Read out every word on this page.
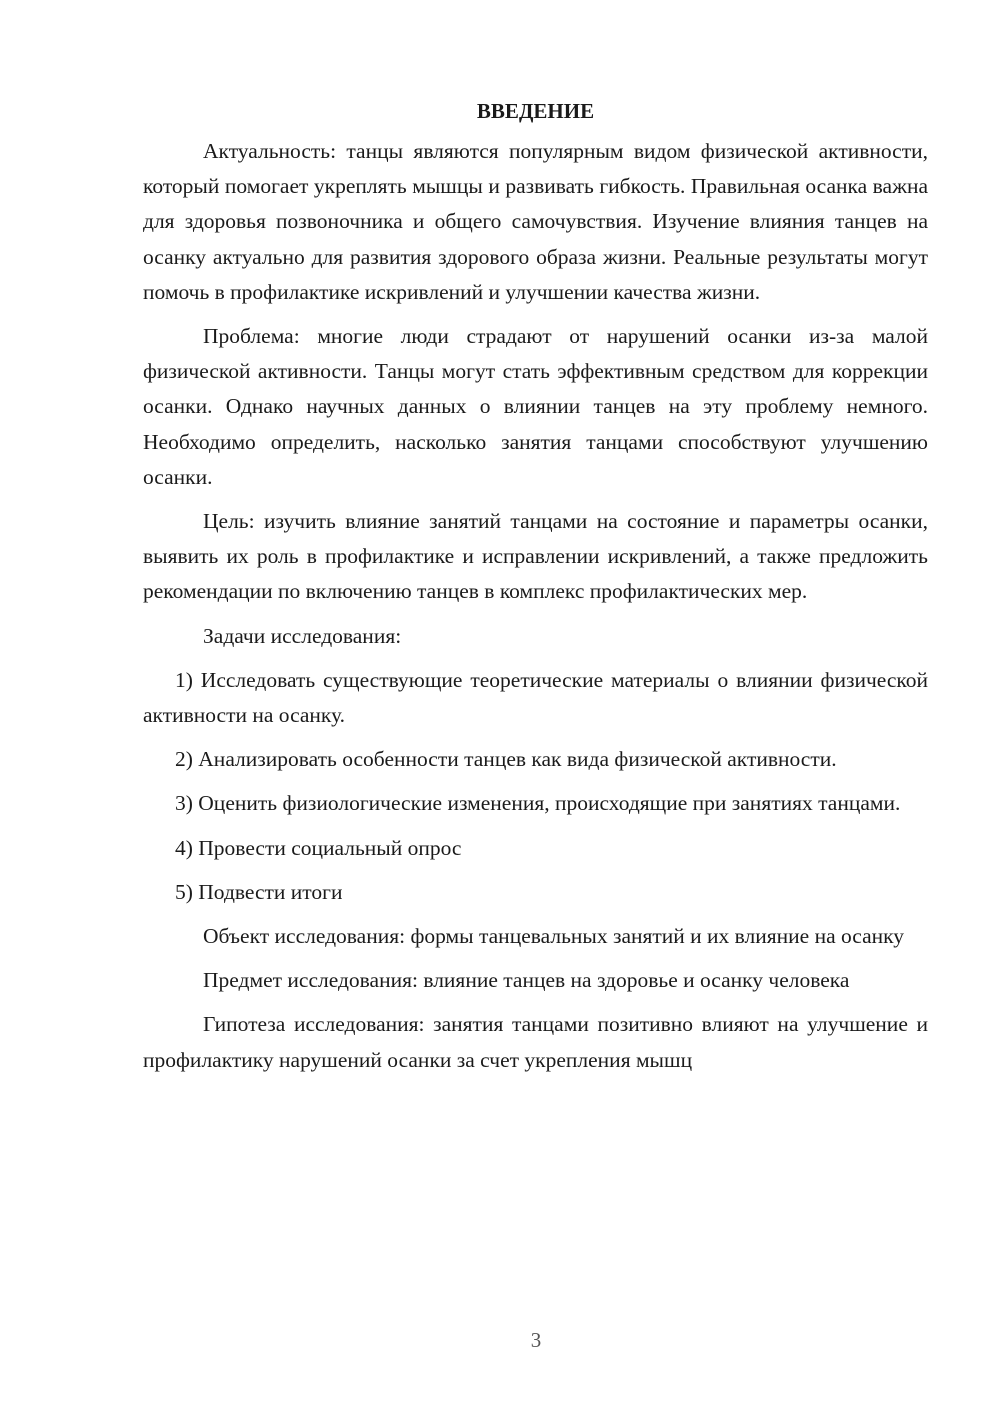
ВВЕДЕНИЕ

Актуальность: танцы являются популярным видом физической активности, который помогает укреплять мышцы и развивать гибкость. Правильная осанка важна для здоровья позвоночника и общего самочувствия. Изучение влияния танцев на осанку актуально для развития здорового образа жизни. Реальные результаты могут помочь в профилактике искривлений и улучшении качества жизни.

Проблема: многие люди страдают от нарушений осанки из-за малой физической активности. Танцы могут стать эффективным средством для коррекции осанки. Однако научных данных о влиянии танцев на эту проблему немного. Необходимо определить, насколько занятия танцами способствуют улучшению осанки.

Цель: изучить влияние занятий танцами на состояние и параметры осанки, выявить их роль в профилактике и исправлении искривлений, а также предложить рекомендации по включению танцев в комплекс профилактических мер.

Задачи исследования:

1) Исследовать существующие теоретические материалы о влиянии физической активности на осанку.

2) Анализировать особенности танцев как вида физической активности.

3) Оценить физиологические изменения, происходящие при занятиях танцами.

4) Провести социальный опрос

5) Подвести итоги

Объект исследования: формы танцевальных занятий и их влияние на осанку

Предмет исследования: влияние танцев на здоровье и осанку человека

Гипотеза исследования: занятия танцами позитивно влияют на улучшение и профилактику нарушений осанки за счет укрепления мышц

3
